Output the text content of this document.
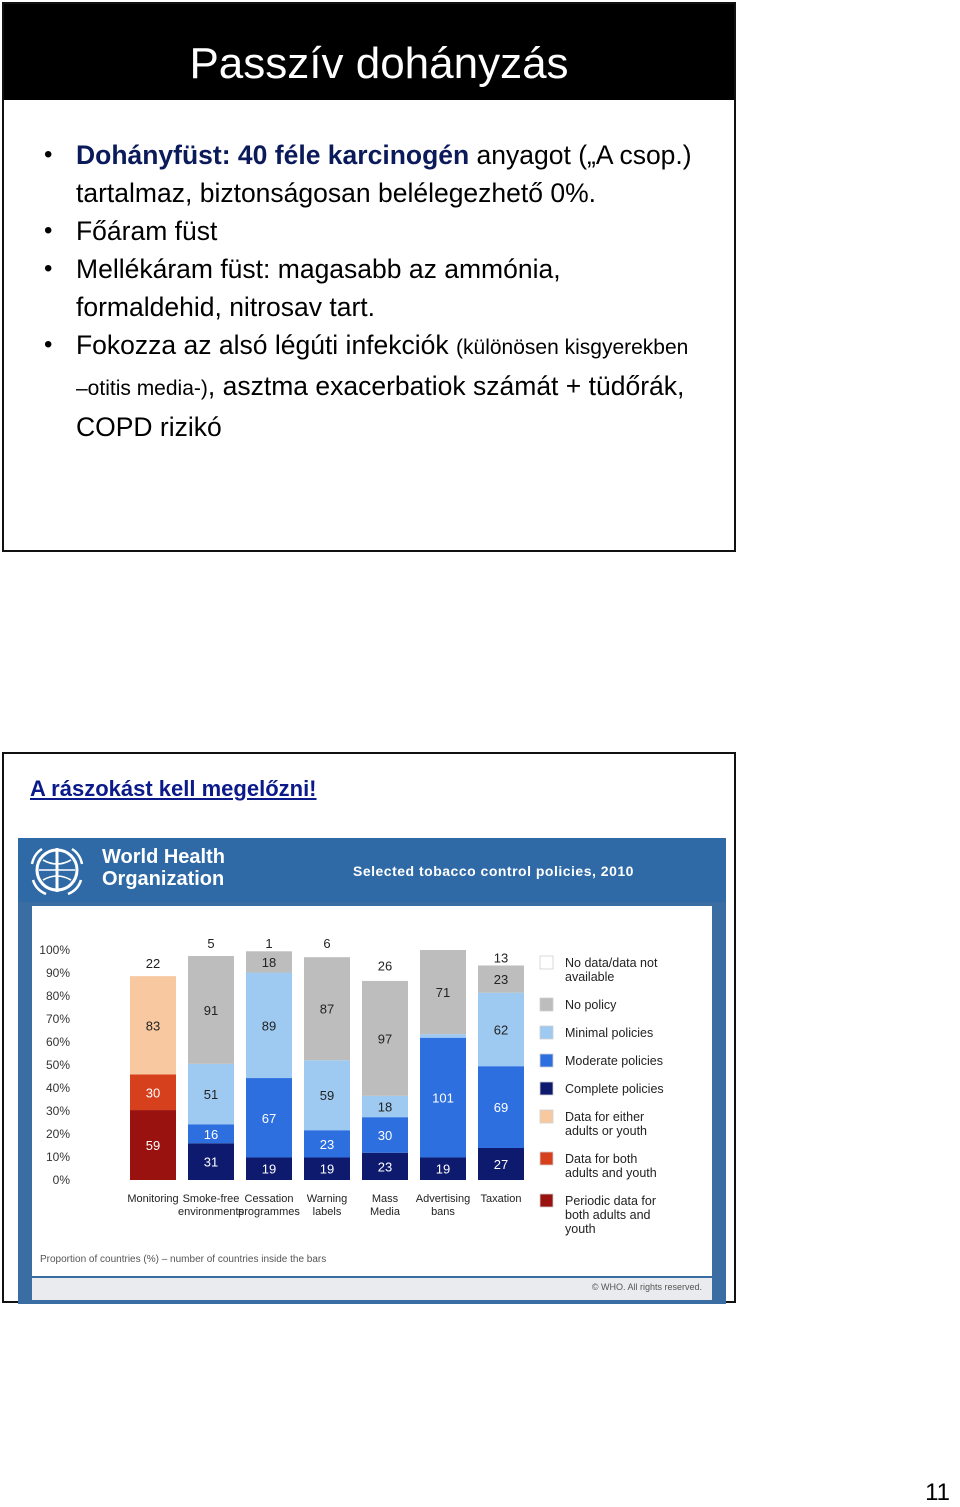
Passzív dohányzás
• Dohányfüst: 40 féle karcinogén anyagot („A csop.) tartalmaz, biztonságosan belélegezhető 0%.
• Főáram füst
• Mellékáram füst: magasabb az ammónia, formaldehid, nitrosav tart.
• Fokozza az alsó légúti infekciók (különösen kisgyerekben –otitis media-), asztma exacerbatiok számát + tüdőrák, COPD rizikó
A rászokást kell megelőzni!
World Health
Organization	Selected tobacco control policies, 2010
100%
90%
80%
70%
60%
50%
40%
30%
20%
10%
0%
59
30
83
22
31
16
51
91
5
19
67
89
18
1
19
23
59
87
6
23
30
18
97
26
19
101
71
27
69
62
23
13
Monitoring Smoke-free
environments
Cessation
programmes
Warning
labels
Mass
Media
Advertising
bans
Taxation
No data/data not
available
No policy
Minimal policies
Moderate policies
Complete policies
Data for either
adults or youth
Data for both
adults and youth
Periodic data for
both adults and
youth
Proportion of countries (%) – number of countries inside the bars
© WHO. All rights reserved.
11
